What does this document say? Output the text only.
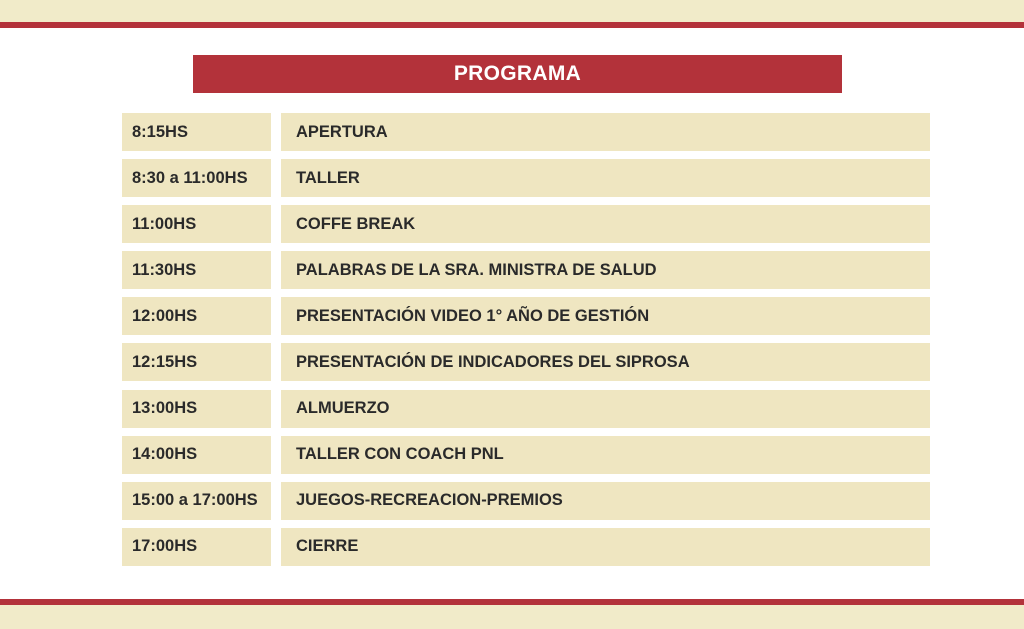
PROGRAMA
8:15HS	APERTURA
8:30 a 11:00HS	TALLER
11:00HS	COFFE BREAK
11:30HS	PALABRAS DE LA SRA. MINISTRA DE SALUD
12:00HS	PRESENTACIÓN VIDEO 1° AÑO DE GESTIÓN
12:15HS	PRESENTACIÓN DE INDICADORES DEL SIPROSA
13:00HS	ALMUERZO
14:00HS	TALLER CON COACH PNL
15:00 a 17:00HS	JUEGOS-RECREACION-PREMIOS
17:00HS	CIERRE
